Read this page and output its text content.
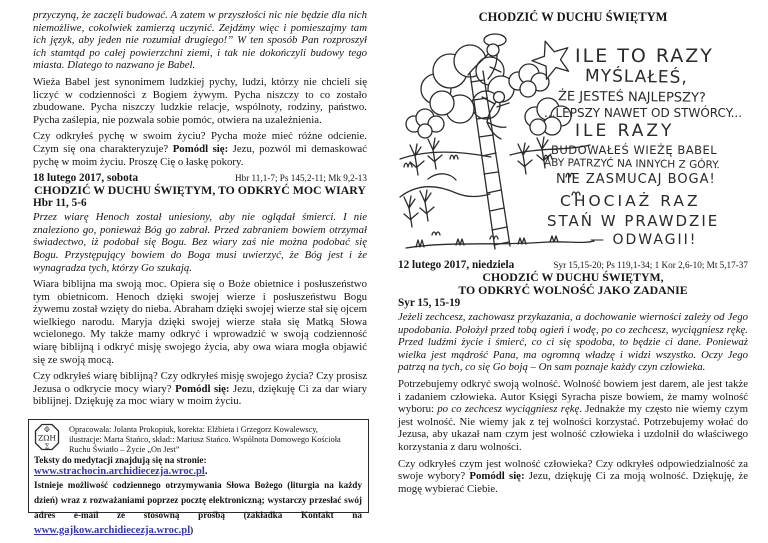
przyczyną, że zaczęli budować. A zatem w przyszłości nic nie będzie dla nich niemożliwe, cokolwiek zamierzą uczynić. Zejdźmy więc i pomieszajmy tam ich język, aby jeden nie rozumiał drugiego!” W ten sposób Pan rozproszył ich stamtąd po całej powierzchni ziemi, i tak nie dokończyli budowy tego miasta. Dlatego to nazwano je Babel.

Wieża Babel jest synonimem ludzkiej pychy, ludzi, którzy nie chcieli się liczyć w codzienności z Bogiem żywym. Pycha niszczy to co zostało zbudowane. Pycha niszczy ludzkie relacje, wspólnoty, rodziny, państwo. Pycha zaślepia, nie pozwala sobie pomóc, otwiera na uzależnienia.

Czy odkryłeś pychę w swoim życiu? Pycha może mieć różne odcienie. Czym się ona charakteryzuje? Pomódl się: Jezu, pozwól mi demaskować pychę w moim życiu. Proszę Cię o łaskę pokory.

18 lutego 2017, sobota	Hbr 11,1-7; Ps 145,2-11; Mk 9,2-13
CHODZIĆ W DUCHU ŚWIĘTYM, TO ODKRYĆ MOC WIARY
Hbr 11, 5-6

Przez wiarę Henoch został uniesiony, aby nie oglądał śmierci. I nie znaleziono go, ponieważ Bóg go zabrał. Przed zabraniem bowiem otrzymał świadectwo, iż podobał się Bogu. Bez wiary zaś nie można podobać się Bogu. Przystępujący bowiem do Boga musi uwierzyć, że Bóg jest i że wynagradza tych, którzy Go szukają.

Wiara biblijna ma swoją moc. Opiera się o Boże obietnice i posłuszeństwo tym obietnicom. Henoch dzięki swojej wierze i posłuszeństwu Bogu żywemu został wzięty do nieba. Abraham dzięki swojej wierze stał się ojcem wielkiego narodu. Maryja dzięki swojej wierze stała się Matką Słowa wcielonego. My także mamy odkryć i wprowadzić w swoją codzienność wiarę biblijną i odkryć misję swojego życia, aby owa wiara mogła objawić się ze swoją mocą.

Czy odkryłeś wiarę biblijną? Czy odkryłeś misję swojego życia? Czy prosisz Jezusa o odkrycie mocy wiary? Pomódl się: Jezu, dziękuję Ci za dar wiary biblijnej. Dziękuję za moc wiary w moim życiu.

Φ
ΖΩΗ
Σ
Opracowała: Jolanta Prokopiuk, korekta: Elżbieta i Grzegorz Kowalewscy,
ilustracje: Marta Stańco, skład:: Mariusz Stańco. Wspólnota Domowego Kościoła
Ruchu Światło – Życie „On Jest”
Teksty do medytacji znajdują się na stronie:
www.strachocin.archidiecezja.wroc.pl.

Istnieje możliwość codziennego otrzymywania Słowa Bożego (liturgia na każdy dzień) wraz z rozważaniami poprzez pocztę elektroniczną; wystarczy przesłać swój adres e-mail ze stosowną prośbą (zakładka Kontakt na www.gajkow.archidiecezja.wroc.pl)

CHODZIĆ W DUCHU ŚWIĘTYM
ILE TO RAZY
MYŚLAŁEŚ,
ŻE JESTEŚ NAJLEPSZY?
...LEPSZY NAWET OD STWÓRCY...
ILE RAZY
BUDOWAŁEŚ WIEŻĘ BABEL
ABY PATRZYĆ NA INNYCH Z GÓRY.
NIE ZASMUCAJ BOGA!
CHOCIAŻ RAZ
STAŃ W PRAWDZIE
— ODWAGII!
12 lutego 2017, niedziela	Syr 15,15-20; Ps 119,1-34; 1 Kor 2,6-10; Mt 5,17-37
CHODZIĆ W DUCHU ŚWIĘTYM,
TO ODKRYĆ WOLNOŚĆ JAKO ZADANIE
Syr 15, 15-19

Jeżeli zechcesz, zachowasz przykazania, a dochowanie wierności zależy od Jego upodobania. Położył przed tobą ogień i wodę, po co zechcesz, wyciągniesz rękę. Przed ludźmi życie i śmierć, co ci się spodoba, to będzie ci dane. Ponieważ wielka jest mądrość Pana, ma ogromną władzę i widzi wszystko. Oczy Jego patrzą na tych, co się Go boją – On sam poznaje każdy czyn człowieka.

Potrzebujemy odkryć swoją wolność. Wolność bowiem jest darem, ale jest także i zadaniem człowieka. Autor Księgi Syracha pisze bowiem, że mamy wolność wyboru: po co zechcesz wyciągniesz rękę. Jednakże my często nie wiemy czym jest wolność. Nie wiemy jak z tej wolności korzystać. Potrzebujemy wołać do Jezusa, aby ukazał nam czym jest wolność człowieka i uzdolnił do właściwego korzystania z daru wolności.

Czy odkryłeś czym jest wolność człowieka? Czy odkryłeś odpowiedzialność za swoje wybory? Pomódl się: Jezu, dziękuję Ci za moją wolność. Dziękuję, że mogę wybierać Ciebie.
